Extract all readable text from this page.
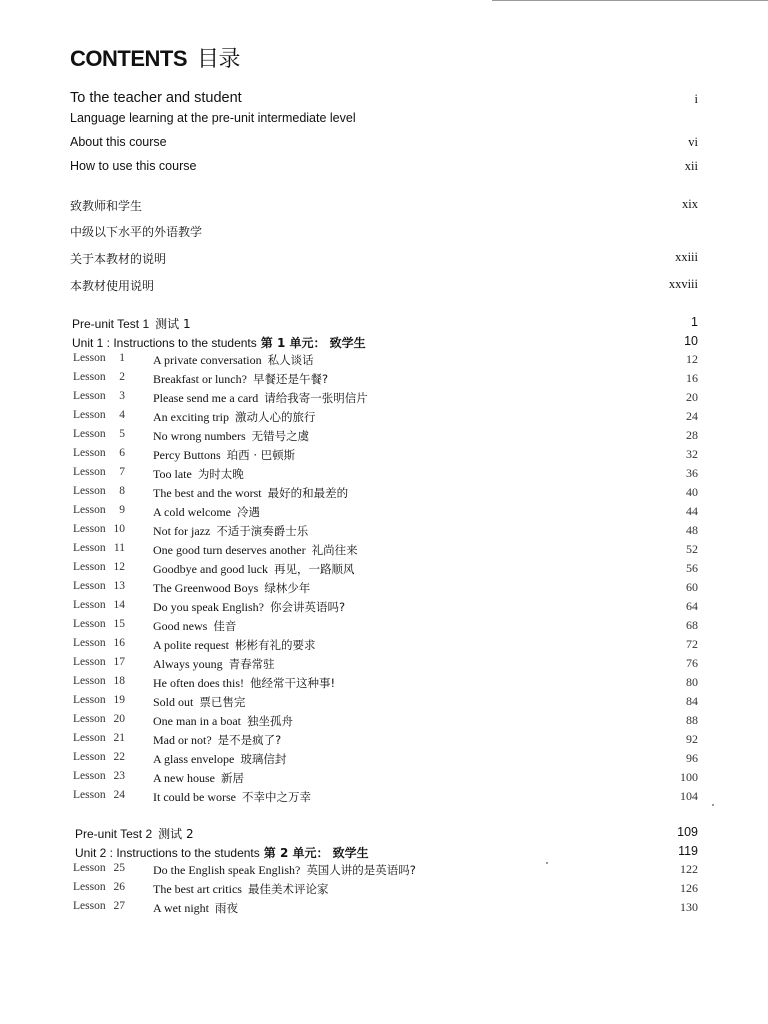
CONTENTS 目录
To the teacher and student	i
Language learning at the pre-unit intermediate level
About this course	vi
How to use this course	xii
致教师和学生	xix
中级以下水平的外语教学
关于本教材的说明	xxiii
本教材使用说明	xxviii
Pre-unit Test 1 测试 1	1
Unit 1 : Instructions to the students 第 1 单元： 致学生	10
Lesson	1 A private conversation 私人谈话	12
Lesson	2 Breakfast or lunch? 早餐还是午餐?	16
Lesson	3 Please send me a card 请给我寄一张明信片	20
Lesson	4 An exciting trip 激动人心的旅行	24
Lesson	5 No wrong numbers 无错号之虞	28
Lesson	6 Percy Buttons 珀西 · 巴顿斯	32
Lesson	7 Too late 为时太晚	36
Lesson	8 The best and the worst 最好的和最差的	40
Lesson	9 A cold welcome 冷遇	44
Lesson 10 Not for jazz 不适于演奏爵士乐	48
Lesson 11 One good turn deserves another 礼尚往来	52
Lesson 12 Goodbye and good luck 再见，一路顺风	56
Lesson 13 The Greenwood Boys 绿林少年	60
Lesson 14 Do you speak English? 你会讲英语吗?	64
Lesson 15 Good news 佳音	68
Lesson 16 A polite request 彬彬有礼的要求	72
Lesson 17 Always young 青春常驻	76
Lesson 18 He often does this! 他经常干这种事!	80
Lesson 19 Sold out 票已售完	84
Lesson 20 One man in a boat 独坐孤舟	88
Lesson 21 Mad or not? 是不是疯了?	92
Lesson 22 A glass envelope 玻璃信封	96
Lesson 23 A new house 新居	100
Lesson 24 It could be worse 不幸中之万幸	104
Pre-unit Test 2 测试 2	109
Unit 2 : Instructions to the students 第 2 单元： 致学生	119
Lesson 25 Do the English speak English? 英国人讲的是英语吗?	122
Lesson 26 The best art critics 最佳美术评论家	126
Lesson 27 A wet night 雨夜	130
